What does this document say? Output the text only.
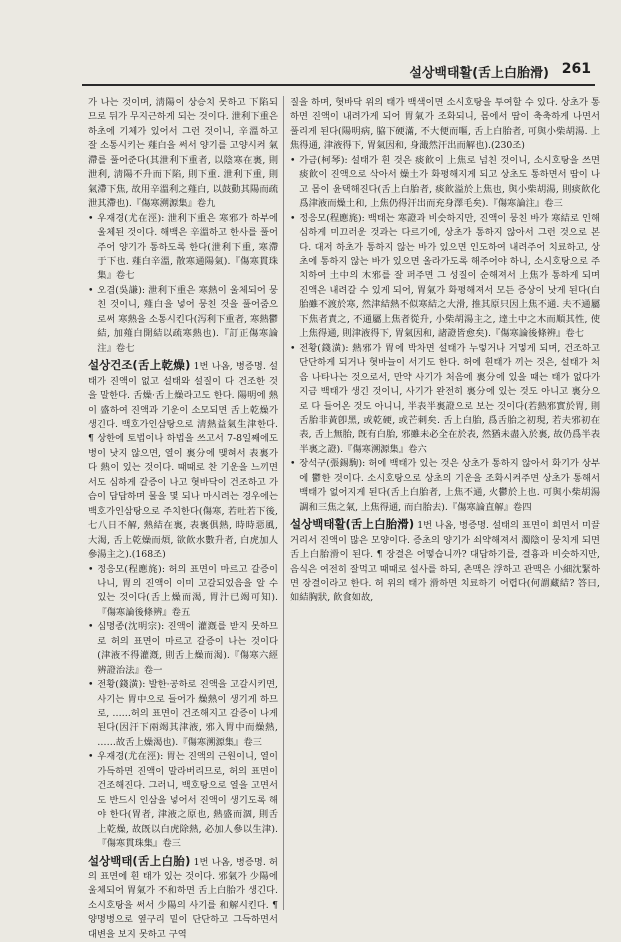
설상백태활(舌上白胎滑) 261

가 나는 것이며, 淸陽이 상승치 못하고 下陷되므로 뒤가 무지근하게 되는 것이다. 泄利下重은 하초에 기체가 있어서 그런 것이니, 辛溫하고 잘 소통시키는 薤白을 써서 양기를 고양시켜 氣滯를 풀어준다(其泄利下重者, 以陰寒在裏, 則泄利, 淸陽不升而下陷, 則下重. 泄利下重, 則氣滯下焦, 故用辛溫利之薤白, 以鼓動其陽而疏泄其滯也).『傷寒溯源集』卷九

• 우재경(尤在涇): 泄利下重은 寒邪가 하부에 울체된 것이다. 해백은 辛溫하고 한사를 풀어주어 양기가 통하도록 한다(泄利下重, 寒滯于下也. 薤白辛溫, 散寒通陽氣).『傷寒貫珠集』卷七

• 오겸(吳謙): 泄利下重은 寒熱이 울체되어 뭉친 것이니, 薤白을 넣어 뭉친 것을 풀어줌으로써 寒熱을 소통시킨다(泻利下重者, 寒熱鬱結, 加薤白開結以疏寒熱也).『訂正傷寒論注』卷七

설상건조(舌上乾燥) 1번 나옴, 병증명. 설태가 진액이 없고 설태와 설질이 다 건조한 것을 말한다. 舌燥·舌上燥라고도 한다. 陽明에 熱이 盛하여 진액과 기운이 소모되면 舌上乾燥가 생긴다. 백호가인삼탕으로 淸熱益氣生津한다. ¶ 상한에 토법이나 하법을 쓰고서 7-8일째에도 병이 낫지 않으면, 열이 裏分에 맺혀서 表裏가 다 熱이 있는 것이다. 때때로 찬 기운을 느끼면서도 심하게 갈증이 나고 혓바닥이 건조하고 가슴이 답답하며 물을 몇 되나 마시려는 경우에는 백호가인삼탕으로 주치한다(傷寒, 若吐若下後, 七八日不解, 熱結在裏, 表裏俱熱, 時時惡風, 大渴, 舌上乾燥而煩, 欲飮水數升者, 白虎加人參湯主之).(168조)

• 정응모(程應旄): 허의 표면이 마르고 갈증이 나니, 胃의 진액이 이미 고갈되었음을 알 수 있는 것이다(舌上燥而渴, 胃汁已竭可知).『傷寒論後條辨』卷五

• 심명종(沈明宗): 진액이 灌漑를 받지 못하므로 허의 표면이 마르고 갈증이 나는 것이다(津液不得灌漑, 則舌上燥而渴).『傷寒六經辨證治法』卷一

• 전황(錢潢): 발한·공하로 진액을 고갈시키면, 사기는 胃中으로 들어가 燥熱이 생기게 하므로, ……허의 표면이 건조해지고 갈증이 나게 된다(因汗下兩竭其津液, 邪入胃中而燥熱, ……故舌上燥渴也).『傷寒溯源集』卷三

• 우재경(尤在涇): 胃는 진액의 근원이니, 열이 가득하면 진액이 말라버리므로, 허의 표면이 건조해진다. 그러니, 백호탕으로 열을 고면서도 반드시 인삼을 넣어서 진액이 생기도록 해야 한다(胃者, 津液之原也, 熱盛而涸, 則舌上乾燥, 故旣以白虎除熱, 必加人參以生津).『傷寒貫珠集』卷三

설상백태(舌上白胎) 1번 나옴, 병증명. 허의 표면에 흰 태가 있는 것이다. 邪氣가 少陽에 울체되어 胃氣가 不和하면 舌上白胎가 생긴다. 소시호탕을 써서 少陽의 사기를 和解시킨다. ¶ 양명병으로 옆구리 밑이 단단하고 그득하면서 대변을 보지 못하고 구역

질을 하며, 혓바닥 위의 태가 백색이면 소시호탕을 투여할 수 있다. 상초가 통하면 진액이 내려가게 되어 胃氣가 조화되니, 몸에서 땀이 축축하게 나면서 풀리게 된다(陽明病, 脇下硬滿, 不大便而嘔, 舌上白胎者, 可與小柴胡湯. 上焦得通, 津液得下, 胃氣因和, 身濈然汗出而解也).(230조)

• 가금(柯琴): 설태가 흰 것은 痰飮이 上焦로 넘친 것이니, 소시호탕을 쓰면 痰飮이 진액으로 삭아서 燥土가 화평해지게 되고 상초도 통하면서 땀이 나고 몸이 윤택해진다(舌上白胎者, 痰飮溢於上焦也, 與小柴胡湯, 則痰飮化爲津液而燥土和, 上焦仍得汗出而充身澤毛矣).『傷寒論注』卷三

• 정응모(程應旄): 백태는 寒證과 비슷하지만, 진액이 뭉친 바가 寒結로 인해 심하게 미끄러운 것과는 다르기에, 상초가 통하지 않아서 그런 것으로 본다. 대저 하초가 통하지 않는 바가 있으면 인도하여 내려주어 치료하고, 상초에 통하지 않는 바가 있으면 올라가도록 해주어야 하니, 소시호탕으로 주치하여 土中의 木邪를 잘 퍼주면 그 성질이 순해져서 上焦가 통하게 되며 진액은 내려갈 수 있게 되어, 胃氣가 화평해져서 모든 증상이 낫게 된다(白胎雖不渡於寒, 然津結熱不似寒結之大滑, 推其原只因上焦不通. 夫不通屬下焦者責之, 不通屬上焦者從升, 小柴胡湯主之, 達土中之木而順其性, 使上焦得通, 則津液得下, 胃氣因和, 諸證皆愈矣).『傷寒論後條辨』卷七

• 전황(錢潢): 熱邪가 胃에 박차면 설태가 누렇거나 거멓게 되며, 건조하고 단단하게 되거나 혓바늘이 서기도 한다. 허에 흰태가 끼는 것은, 설태가 처음 나타나는 것으로서, 만약 사기가 처음에 裏分에 있을 때는 태가 없다가 지금 백태가 생긴 것이니, 사기가 완전히 裏分에 있는 것도 아니고 裏分으로 다 들어온 것도 아니니, 半表半裏證으로 보는 것이다(若熱邪實於胃, 則舌胎非黃卽黑, 或乾硬, 或芒刺矣. 舌上白胎, 爲舌胎之初現, 若夫邪初在表, 舌上無胎, 旣有白胎, 邪雖未必全在於表, 然猶未盡入於裏, 故仍爲半表半裏之證).『傷寒溯源集』卷六

• 장석구(張錫駒): 허에 백태가 있는 것은 상초가 통하지 않아서 화기가 상부에 鬱한 것이다. 소시호탕으로 상초의 기운을 조화시켜주면 상초가 통해서 백태가 없어지게 된다(舌上白胎者, 上焦不通, 火鬱於上也. 可與小柴胡湯調和三焦之氣, 上焦得通, 而白胎去).『傷寒論直解』卷四

설상백태활(舌上白胎滑) 1번 나옴, 병증명. 설태의 표면이 희면서 미끌거리서 진액이 많은 모양이다. 증초의 양기가 쇠약해져서 濁陰이 뭉치게 되면 舌上白胎滑이 된다. ¶ 장결은 어떻습니까? 대답하기를, 결흉과 비슷하지만, 음식은 여전히 잘먹고 때때로 설사를 하되, 촌맥은 浮하고 관맥은 小細沈緊하면 장결이라고 한다. 허 위의 태가 滑하면 치료하기 어렵다(何謂藏結? 答曰, 如結胸狀, 飮食如故,
